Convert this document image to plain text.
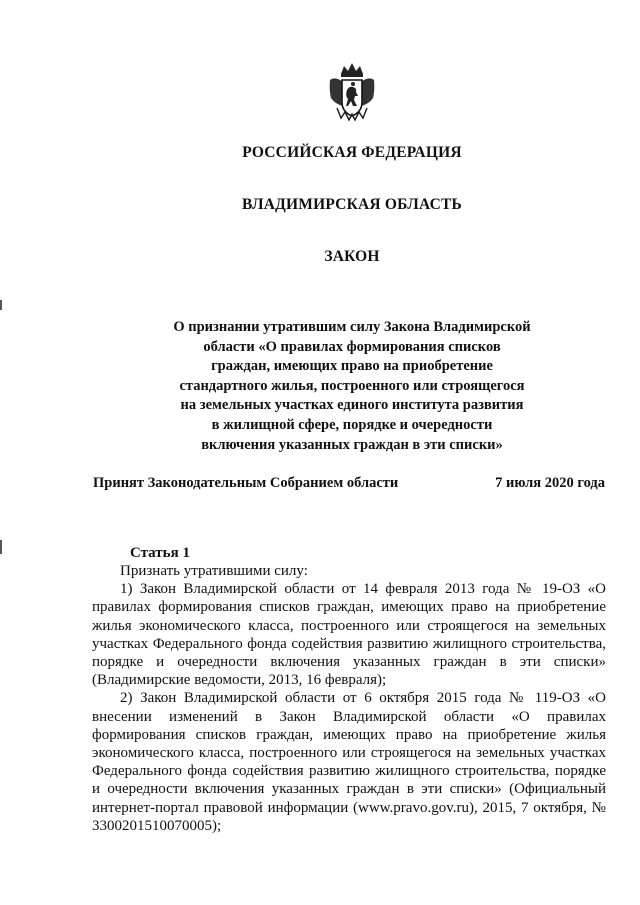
РОССИЙСКАЯ ФЕДЕРАЦИЯ
ВЛАДИМИРСКАЯ ОБЛАСТЬ
ЗАКОН
О признании утратившим силу Закона Владимирской
области «О правилах формирования списков
граждан, имеющих право на приобретение
стандартного жилья, построенного или строящегося
на земельных участках единого института развития
в жилищной сфере, порядке и очередности
включения указанных граждан в эти списки»
Принят Законодательным Собранием области	7 июля 2020 года
Статья 1

Признать утратившими силу:

1) Закон Владимирской области от 14 февраля 2013 года № 19-ОЗ «О правилах формирования списков граждан, имеющих право на приобретение жилья экономического класса, построенного или строящегося на земельных участках Федерального фонда содействия развитию жилищного строительства, порядке и очередности включения указанных граждан в эти списки» (Владимирские ведомости, 2013, 16 февраля);

2) Закон Владимирской области от 6 октября 2015 года № 119-ОЗ «О внесении изменений в Закон Владимирской области «О правилах формирования списков граждан, имеющих право на приобретение жилья экономического класса, построенного или строящегося на земельных участках Федерального фонда содействия развитию жилищного строительства, порядке и очередности включения указанных граждан в эти списки» (Официальный интернет-портал правовой информации (www.pravo.gov.ru), 2015, 7 октября, № 3300201510070005);
